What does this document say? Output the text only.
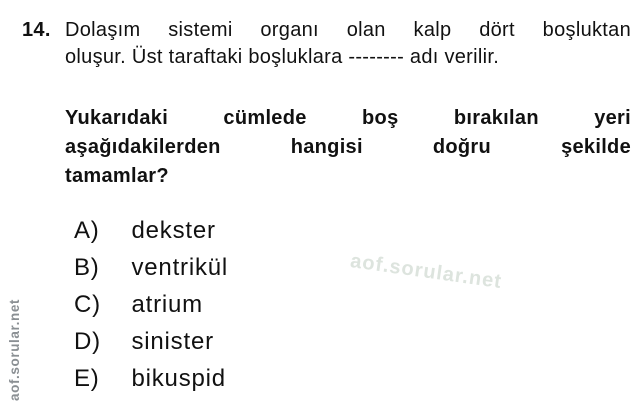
14. Dolaşım sistemi organı olan kalp dört boşluktan
oluşur. Üst taraftaki boşluklara -------- adı verilir.
Yukarıdaki cümlede boş bırakılan yeri
aşağıdakilerden hangisi doğru şekilde
tamamlar?
A) dekster
B) ventrikül
C) atrium
D) sinister
E) bikuspid
aof.sorular.net
aof.sorular.net
